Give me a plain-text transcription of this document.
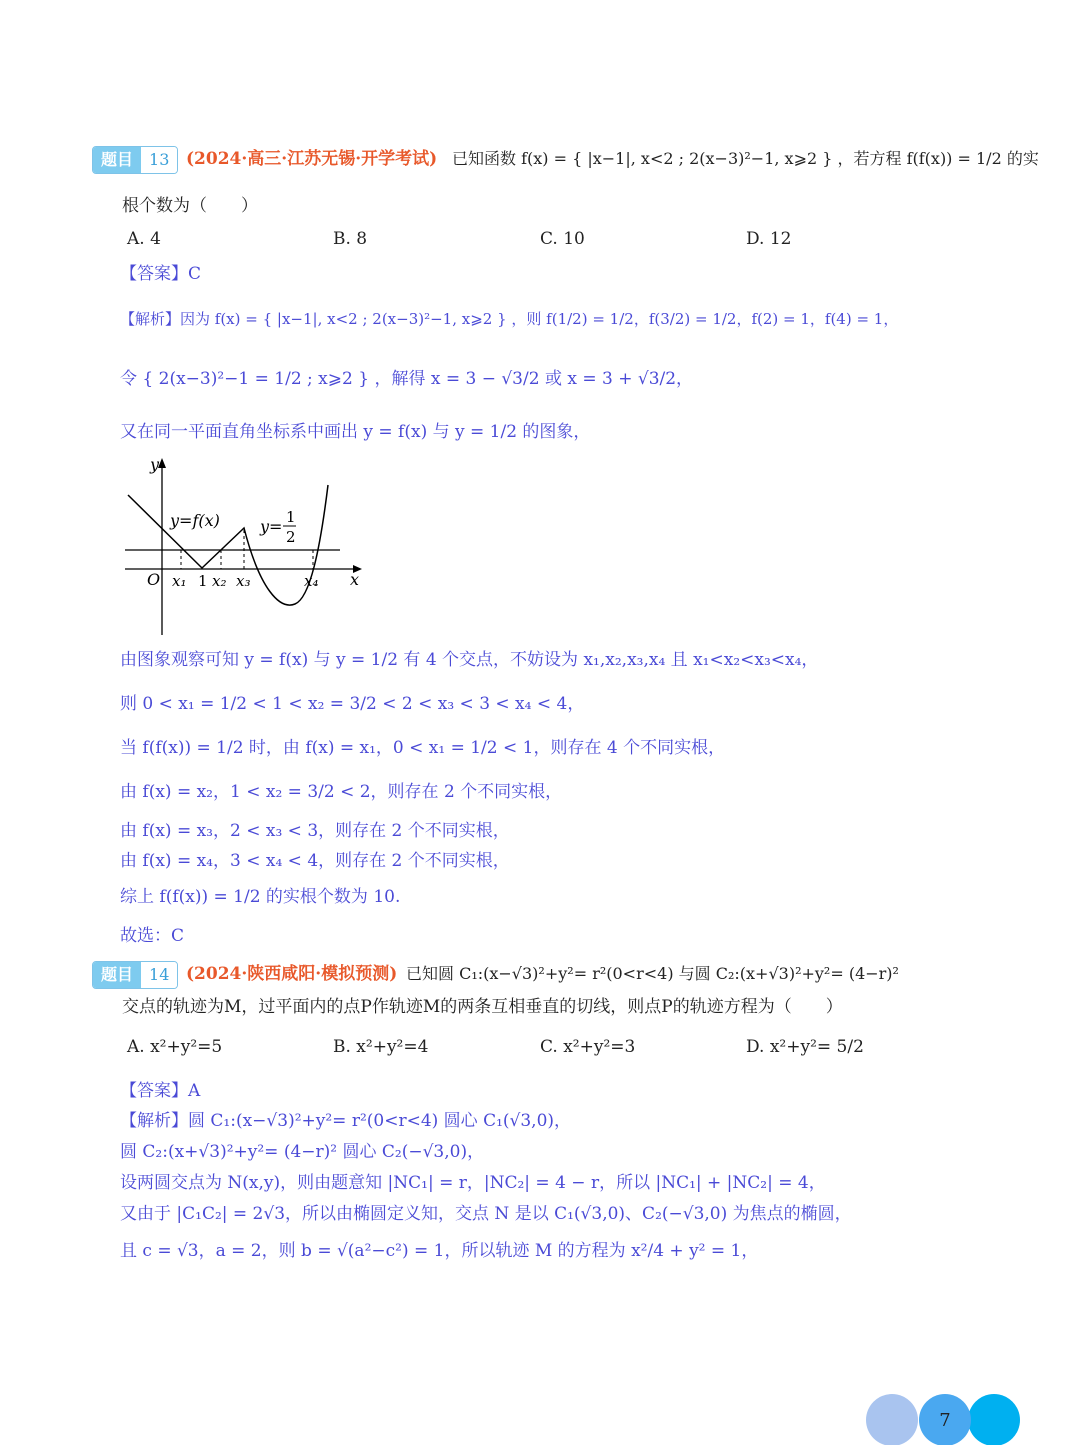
题目	13 (2024·高三·江苏无锡·开学考试) 已知函数 f(x) = { |x−1|, x<2 ; 2(x−3)²−1, x⩾2 } ，若方程 f(f(x)) = 1/2 的实
根个数为（　　）
A. 4	B. 8	C. 10	D. 12
【答案】C
【解析】因为 f(x) = { |x−1|, x<2 ; 2(x−3)²−1, x⩾2 } ，则 f(1/2) = 1/2，f(3/2) = 1/2，f(2) = 1，f(4) = 1，
令 { 2(x−3)²−1 = 1/2 ; x⩾2 } ，解得 x = 3 − √3/2 或 x = 3 + √3/2，
又在同一平面直角坐标系中画出 y = f(x) 与 y = 1/2 的图象，
y
x
O
y=f(x)	y= 1
2
x₁ 1 x₂ x₃	x₄
由图象观察可知 y = f(x) 与 y = 1/2 有 4 个交点，不妨设为 x₁,x₂,x₃,x₄ 且 x₁<x₂<x₃<x₄，
则 0 < x₁ = 1/2 < 1 < x₂ = 3/2 < 2 < x₃ < 3 < x₄ < 4，
当 f(f(x)) = 1/2 时，由 f(x) = x₁，0 < x₁ = 1/2 < 1，则存在 4 个不同实根，
由 f(x) = x₂，1 < x₂ = 3/2 < 2，则存在 2 个不同实根，
由 f(x) = x₃，2 < x₃ < 3，则存在 2 个不同实根，
由 f(x) = x₄，3 < x₄ < 4，则存在 2 个不同实根，
综上 f(f(x)) = 1/2 的实根个数为 10.
故选：C
题目	14 (2024·陕西咸阳·模拟预测) 已知圆 C₁:(x−√3)²+y²= r²(0<r<4) 与圆 C₂:(x+√3)²+y²= (4−r)²
交点的轨迹为M，过平面内的点P作轨迹M的两条互相垂直的切线，则点P的轨迹方程为（　　）
A. x²+y²=5	B. x²+y²=4	C. x²+y²=3	D. x²+y²= 5/2
【答案】A
【解析】圆 C₁:(x−√3)²+y²= r²(0<r<4) 圆心 C₁(√3,0)，
圆 C₂:(x+√3)²+y²= (4−r)² 圆心 C₂(−√3,0)，
设两圆交点为 N(x,y)，则由题意知 |NC₁| = r，|NC₂| = 4 − r，所以 |NC₁| + |NC₂| = 4，
又由于 |C₁C₂| = 2√3，所以由椭圆定义知，交点 N 是以 C₁(√3,0)、C₂(−√3,0) 为焦点的椭圆，
且 c = √3，a = 2，则 b = √(a²−c²) = 1，所以轨迹 M 的方程为 x²/4 + y² = 1，
7
